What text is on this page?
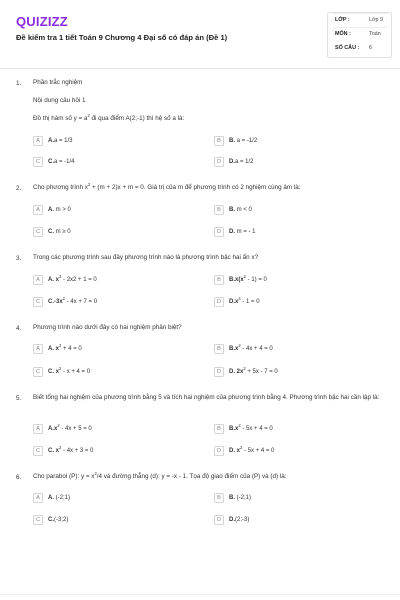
QUIZIZZ
Đề kiểm tra 1 tiết Toán 9 Chương 4 Đại số có đáp án (Đề 1)
LỚP :	Lớp 9
MÔN :	Toán
SỐ CÂU : 6
1. Phần trắc nghiệm
Nội dung câu hỏi 1
Đồ thị hàm số $y = a^2$ đi qua điểm A(2;-1) thì hệ số a là:
A	A.a = 1/3	B	B. a = -1/2
C	C.a = -1/4	D	D.a = 1/2
2. Cho phương trình $x^2 + (m + 2)x + m = 0$. Giá trị của m để phương trình có 2 nghiệm cùng âm là:
A	A. m > 0	B	B. m < 0
C	C. m ≥ 0	D	D. m = - 1
3. Trong các phương trình sau đây phương trình nào là phương trình bậc hai ẩn x?
A	A. $x^3 - 2x2 + 1 = 0$	B	$B.x(x^2 - 1) = 0$
C	$C.-3x^2 - 4x + 7 = 0$	D	$D.x^4 - 1 = 0$
4. Phương trình nào dưới đây có hai nghiệm phân biệt?
A	A. $x^2 + 4 = 0$	B	$B.x^2 - 4x + 4 = 0$
C	C. $x^2 - x + 4 = 0$	D	D. $2x^2 + 5x - 7 = 0$
5. Biết tổng hai nghiệm của phương trình bằng 5 và tích hai nghiệm của phương trình bằng 4. Phương trình bậc hai cần lập là:
A	$A.x^2 - 4x + 5 = 0$	B	$B.x^2 - 5x + 4 = 0$
C	C. $x^2 - 4x + 3 = 0$	D	D. $x^2 - 5x + 4 = 0$
6. Cho parabol (P): $y = x^2/4$ và đường thẳng (d): y = -x - 1. Tọa độ giao điểm của (P) và (d) là:
A	A. (-2;1)	B	B. (-2;1)
C	C.(-3;2)	D	D.(2;-3)
